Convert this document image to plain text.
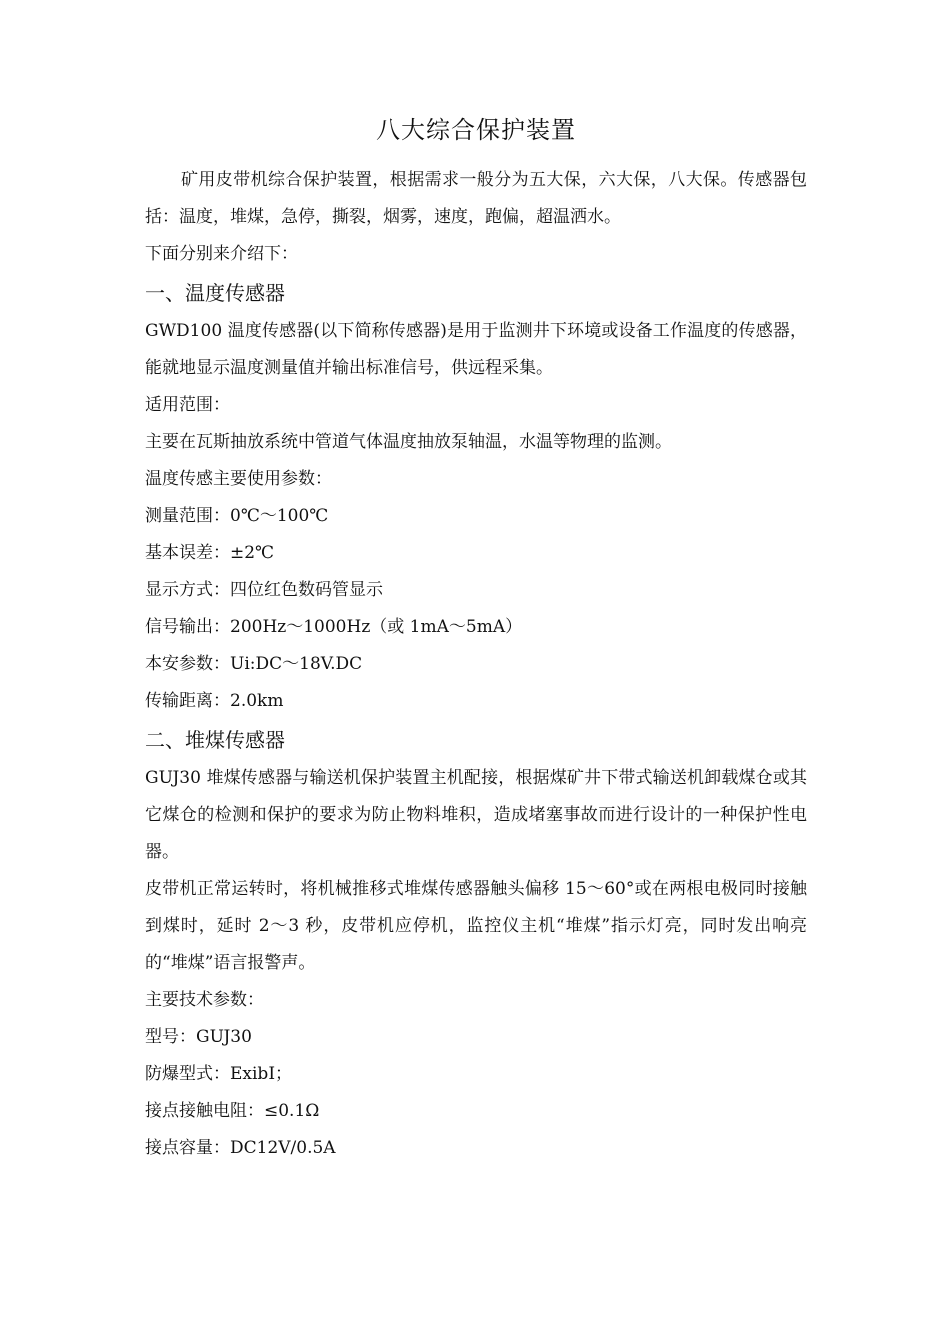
八大综合保护装置

矿用皮带机综合保护装置，根据需求一般分为五大保，六大保，八大保。传感器包括：温度，堆煤，急停，撕裂，烟雾，速度，跑偏，超温洒水。

下面分别来介绍下：

一、温度传感器

GWD100 温度传感器(以下简称传感器)是用于监测井下环境或设备工作温度的传感器，能就地显示温度测量值并输出标准信号，供远程采集。

适用范围：

主要在瓦斯抽放系统中管道气体温度抽放泵轴温，水温等物理的监测。

温度传感主要使用参数：

测量范围：0℃～100℃

基本误差：±2℃

显示方式：四位红色数码管显示

信号输出：200Hz～1000Hz（或 1mA～5mA）

本安参数：Ui:DC～18V.DC

传输距离：2.0km

二、堆煤传感器

GUJ30 堆煤传感器与输送机保护装置主机配接，根据煤矿井下带式输送机卸载煤仓或其它煤仓的检测和保护的要求为防止物料堆积，造成堵塞事故而进行设计的一种保护性电器。

皮带机正常运转时，将机械推移式堆煤传感器触头偏移 15～60°或在两根电极同时接触到煤时，延时 2～3 秒，皮带机应停机，监控仪主机“堆煤”指示灯亮，同时发出响亮的“堆煤”语言报警声。

主要技术参数：

型号：GUJ30

防爆型式：ExibⅠ；

接点接触电阻：≤0.1Ω

接点容量：DC12V/0.5A
